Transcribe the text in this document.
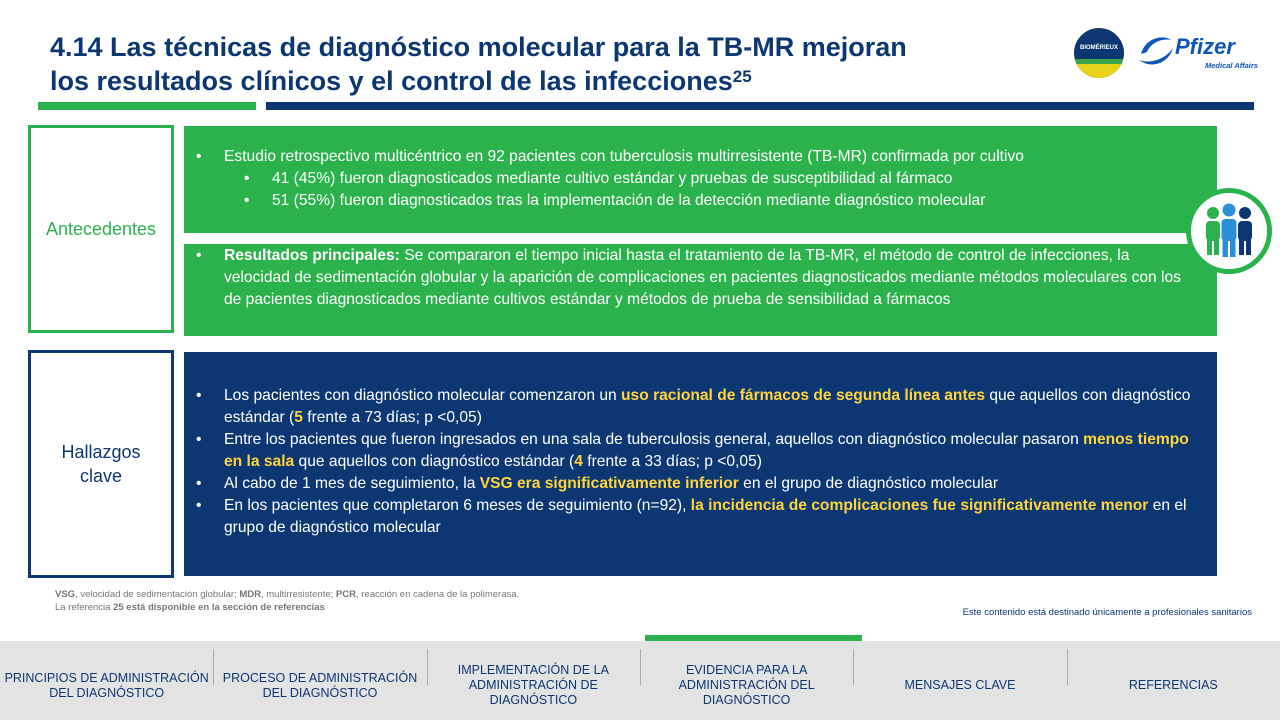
4.14 Las técnicas de diagnóstico molecular para la TB-MR mejoran
los resultados clínicos y el control de las infecciones$^{25}$
BIOMÉRIEUX	Pfizer
Medical Affairs
Antecedentes
• Estudio retrospectivo multicéntrico en 92 pacientes con tuberculosis multirresistente (TB-MR) confirmada por cultivo
• 41 (45%) fueron diagnosticados mediante cultivo estándar y pruebas de susceptibilidad al fármaco
• 51 (55%) fueron diagnosticados tras la implementación de la detección mediante diagnóstico molecular
• Resultados principales: Se compararon el tiempo inicial hasta el tratamiento de la TB-MR, el método de control de infecciones, la velocidad de sedimentación globular y la aparición de complicaciones en pacientes diagnosticados mediante métodos moleculares con los de pacientes diagnosticados mediante cultivos estándar y métodos de prueba de sensibilidad a fármacos
Hallazgos
clave
• Los pacientes con diagnóstico molecular comenzaron un uso racional de fármacos de segunda línea antes que aquellos con diagnóstico estándar (5 frente a 73 días; p <0,05)
• Entre los pacientes que fueron ingresados en una sala de tuberculosis general, aquellos con diagnóstico molecular pasaron menos tiempo en la sala que aquellos con diagnóstico estándar (4 frente a 33 días; p <0,05)
• Al cabo de 1 mes de seguimiento, la VSG era significativamente inferior en el grupo de diagnóstico molecular
• En los pacientes que completaron 6 meses de seguimiento (n=92), la incidencia de complicaciones fue significativamente menor en el grupo de diagnóstico molecular
VSG, velocidad de sedimentación globular; MDR, multirresistente; PCR, reacción en cadena de la polimerasa.
La referencia 25 está disponible en la sección de referencias	Este contenido está destinado únicamente a profesionales sanitarios
PRINCIPIOS DE ADMINISTRACIÓN DEL DIAGNÓSTICO
PROCESO DE ADMINISTRACIÓN DEL DIAGNÓSTICO
IMPLEMENTACIÓN DE LA ADMINISTRACIÓN DE DIAGNÓSTICO
EVIDENCIA PARA LA ADMINISTRACIÓN DEL DIAGNÓSTICO
MENSAJES CLAVE	REFERENCIAS
